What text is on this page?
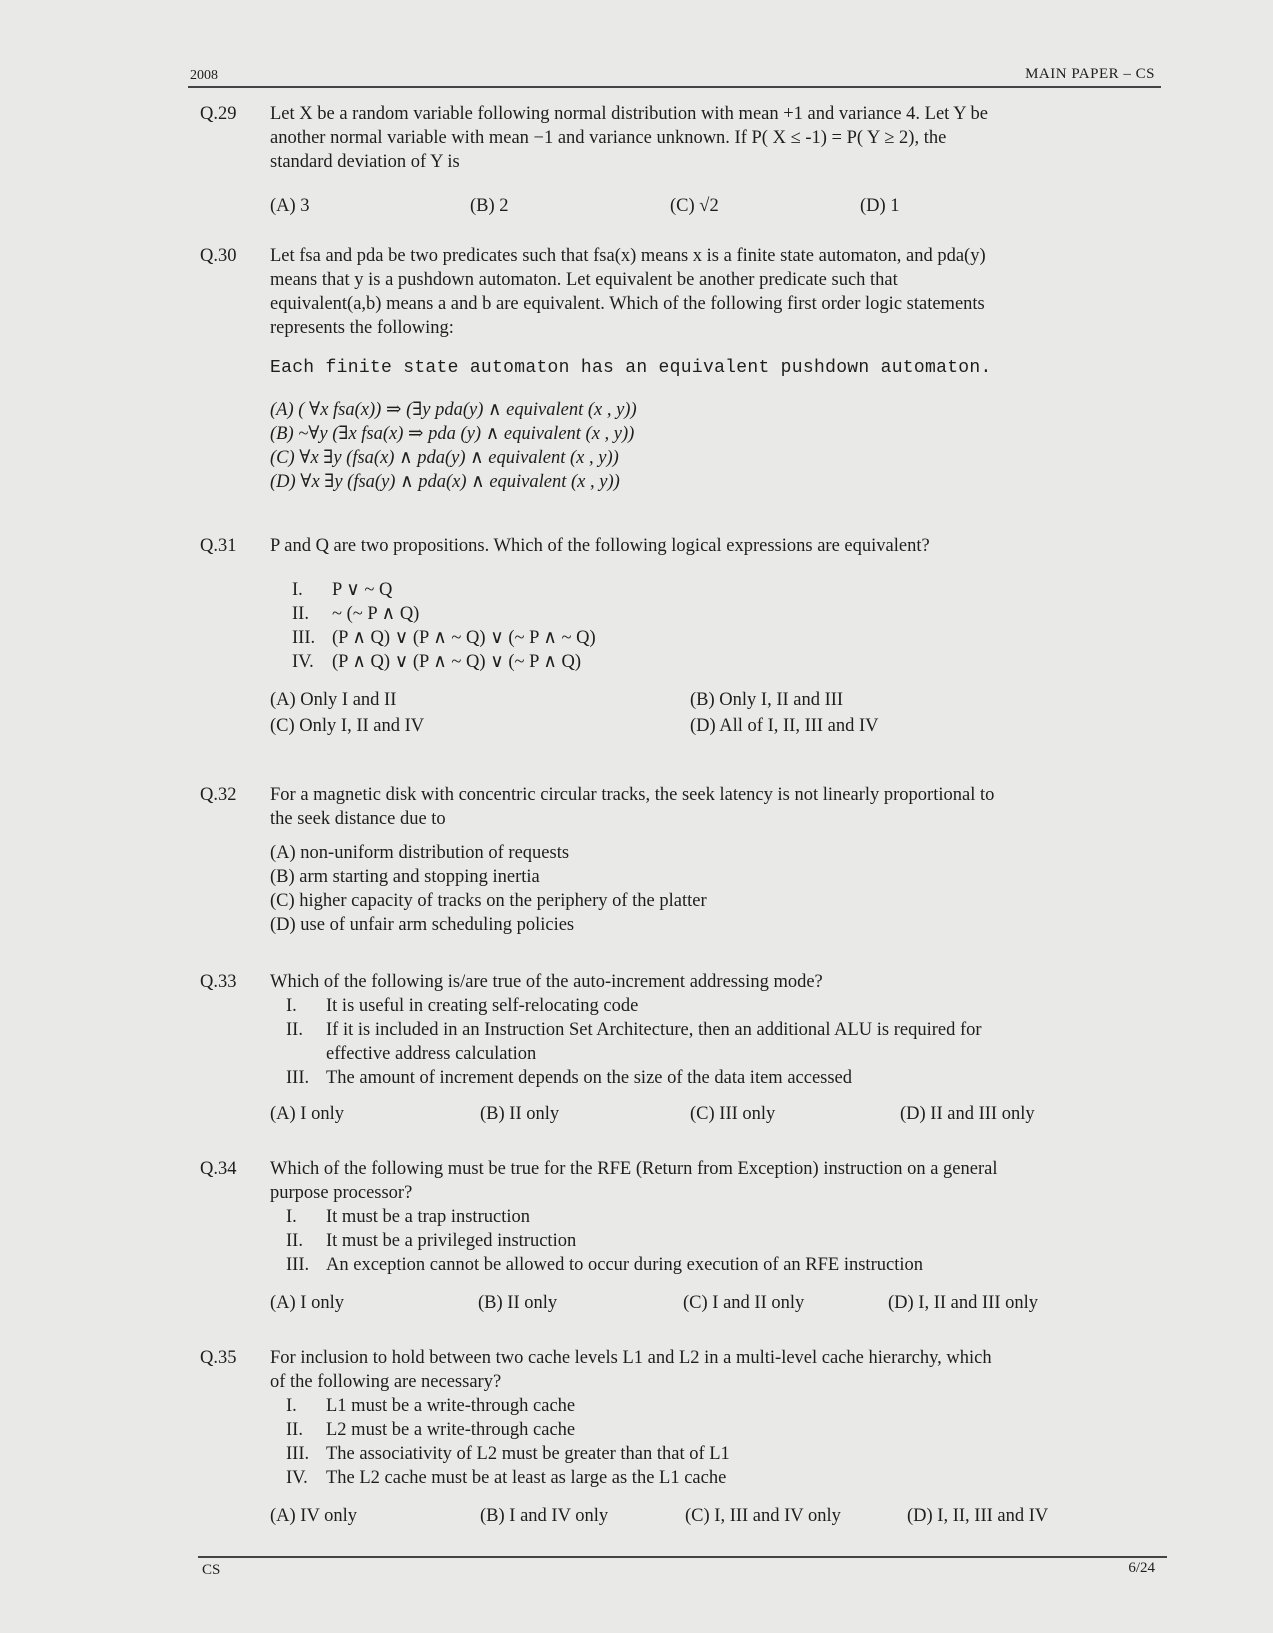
2008	MAIN PAPER – CS
Q.29	Let X be a random variable following normal distribution with mean +1 and variance 4. Let Y be
another normal variable with mean −1 and variance unknown. If P( X ≤ -1) = P( Y ≥ 2), the
standard deviation of Y is
(A) 3	(B) 2	(C) √2	(D) 1
Q.30	Let fsa and pda be two predicates such that fsa(x) means x is a finite state automaton, and pda(y)
means that y is a pushdown automaton. Let equivalent be another predicate such that
equivalent(a,b) means a and b are equivalent. Which of the following first order logic statements
represents the following:
Each finite state automaton has an equivalent pushdown automaton.
(A) ( ∀x fsa(x)) ⇒ (∃y pda(y) ∧ equivalent (x , y))
(B) ~∀y (∃x fsa(x) ⇒ pda (y) ∧ equivalent (x , y))
(C) ∀x ∃y (fsa(x) ∧ pda(y) ∧ equivalent (x , y))
(D) ∀x ∃y (fsa(y) ∧ pda(x) ∧ equivalent (x , y))
Q.31	P and Q are two propositions. Which of the following logical expressions are equivalent?
I.	P ∨ ~ Q
II.	~ (~ P ∧ Q)
III. (P ∧ Q) ∨ (P ∧ ~ Q) ∨ (~ P ∧ ~ Q)
IV. (P ∧ Q) ∨ (P ∧ ~ Q) ∨ (~ P ∧ Q)
(A) Only I and II	(B) Only I, II and III
(C) Only I, II and IV	(D) All of I, II, III and IV
Q.32	For a magnetic disk with concentric circular tracks, the seek latency is not linearly proportional to
the seek distance due to
(A) non-uniform distribution of requests
(B) arm starting and stopping inertia
(C) higher capacity of tracks on the periphery of the platter
(D) use of unfair arm scheduling policies
Q.33	Which of the following is/are true of the auto-increment addressing mode?
I.	It is useful in creating self-relocating code
II.	If it is included in an Instruction Set Architecture, then an additional ALU is required for
effective address calculation
III. The amount of increment depends on the size of the data item accessed
(A) I only	(B) II only	(C) III only	(D) II and III only
Q.34	Which of the following must be true for the RFE (Return from Exception) instruction on a general
purpose processor?
I.	It must be a trap instruction
II.	It must be a privileged instruction
III. An exception cannot be allowed to occur during execution of an RFE instruction
(A) I only	(B) II only	(C) I and II only	(D) I, II and III only
Q.35	For inclusion to hold between two cache levels L1 and L2 in a multi-level cache hierarchy, which
of the following are necessary?
I.	L1 must be a write-through cache
II.	L2 must be a write-through cache
III. The associativity of L2 must be greater than that of L1
IV. The L2 cache must be at least as large as the L1 cache
(A) IV only	(B) I and IV only	(C) I, III and IV only	(D) I, II, III and IV
CS	6/24
